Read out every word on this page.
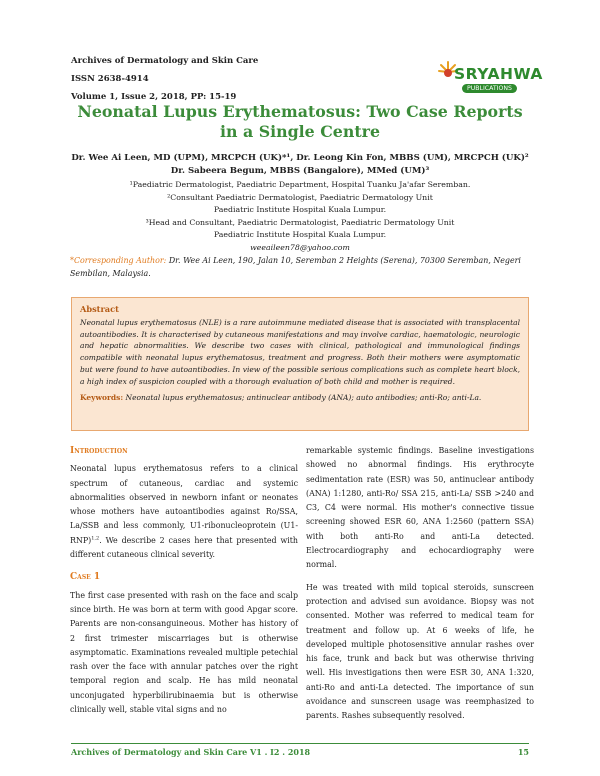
Archives of Dermatology and Skin Care
ISSN 2638-4914
Volume 1, Issue 2, 2018, PP: 15-19
SRYAHWA
PUBLICATIONS
Neonatal Lupus Erythematosus: Two Case Reports in a Single Centre
Dr. Wee Ai Leen, MD (UPM), MRCPCH (UK)*¹, Dr. Leong Kin Fon, MBBS (UM), MRCPCH (UK)²
Dr. Sabeera Begum, MBBS (Bangalore), MMed (UM)³
¹Paediatric Dermatologist, Paediatric Department, Hospital Tuanku Ja'afar Seremban.
²Consultant Paediatric Dermatologist, Paediatric Dermatology Unit
Paediatric Institute Hospital Kuala Lumpur.
³Head and Consultant, Paediatric Dermatologist, Paediatric Dermatology Unit
Paediatric Institute Hospital Kuala Lumpur.
weeaileen78@yahoo.com
*Corresponding Author: Dr. Wee Ai Leen, 190, Jalan 10, Seremban 2 Heights (Serena), 70300 Seremban, Negeri Sembilan, Malaysia.
Abstract
Neonatal lupus erythematosus (NLE) is a rare autoimmune mediated disease that is associated with transplacental autoantibodies. It is characterised by cutaneous manifestations and may involve cardiac, haematologic, neurologic and hepatic abnormalities. We describe two cases with clinical, pathological and immunological findings compatible with neonatal lupus erythematosus, treatment and progress. Both their mothers were asymptomatic but were found to have autoantibodies. In view of the possible serious complications such as complete heart block, a high index of suspicion coupled with a thorough evaluation of both child and mother is required.
Keywords: Neonatal lupus erythematosus; antinuclear antibody (ANA); auto antibodies; anti-Ro; anti-La.
Introduction

Neonatal lupus erythematosus refers to a clinical spectrum of cutaneous, cardiac and systemic abnormalities observed in newborn infant or neonates whose mothers have autoantibodies against Ro/SSA, La/SSB and less commonly, U1-ribonucleoprotein $(U1-RNP)^{1,2}$. We describe 2 cases here that presented with different cutaneous clinical severity.

Case 1

The first case presented with rash on the face and scalp since birth. He was born at term with good Apgar score. Parents are non-consanguineous. Mother has history of 2 first trimester miscarriages but is otherwise asymptomatic. Examinations revealed multiple petechial rash over the face with annular patches over the right temporal region and scalp. He has mild neonatal unconjugated hyperbilirubinaemia but is otherwise clinically well, stable vital signs and no

remarkable systemic findings. Baseline investigations showed no abnormal findings. His erythrocyte sedimentation rate (ESR) was 50, antinuclear antibody (ANA) 1:1280, anti-Ro/ SSA 215, anti-La/ SSB >240 and C3, C4 were normal. His mother's connective tissue screening showed ESR 60, ANA 1:2560 (pattern SSA) with both anti-Ro and anti-La detected. Electrocardiography and echocardiography were normal.

He was treated with mild topical steroids, sunscreen protection and advised sun avoidance. Biopsy was not consented. Mother was referred to medical team for treatment and follow up. At 6 weeks of life, he developed multiple photosensitive annular rashes over his face, trunk and back but was otherwise thriving well. His investigations then were ESR 30, ANA 1:320, anti-Ro and anti-La detected. The importance of sun avoidance and sunscreen usage was reemphasized to parents. Rashes subsequently resolved.

Archives of Dermatology and Skin Care V1 . I2 . 2018	15
